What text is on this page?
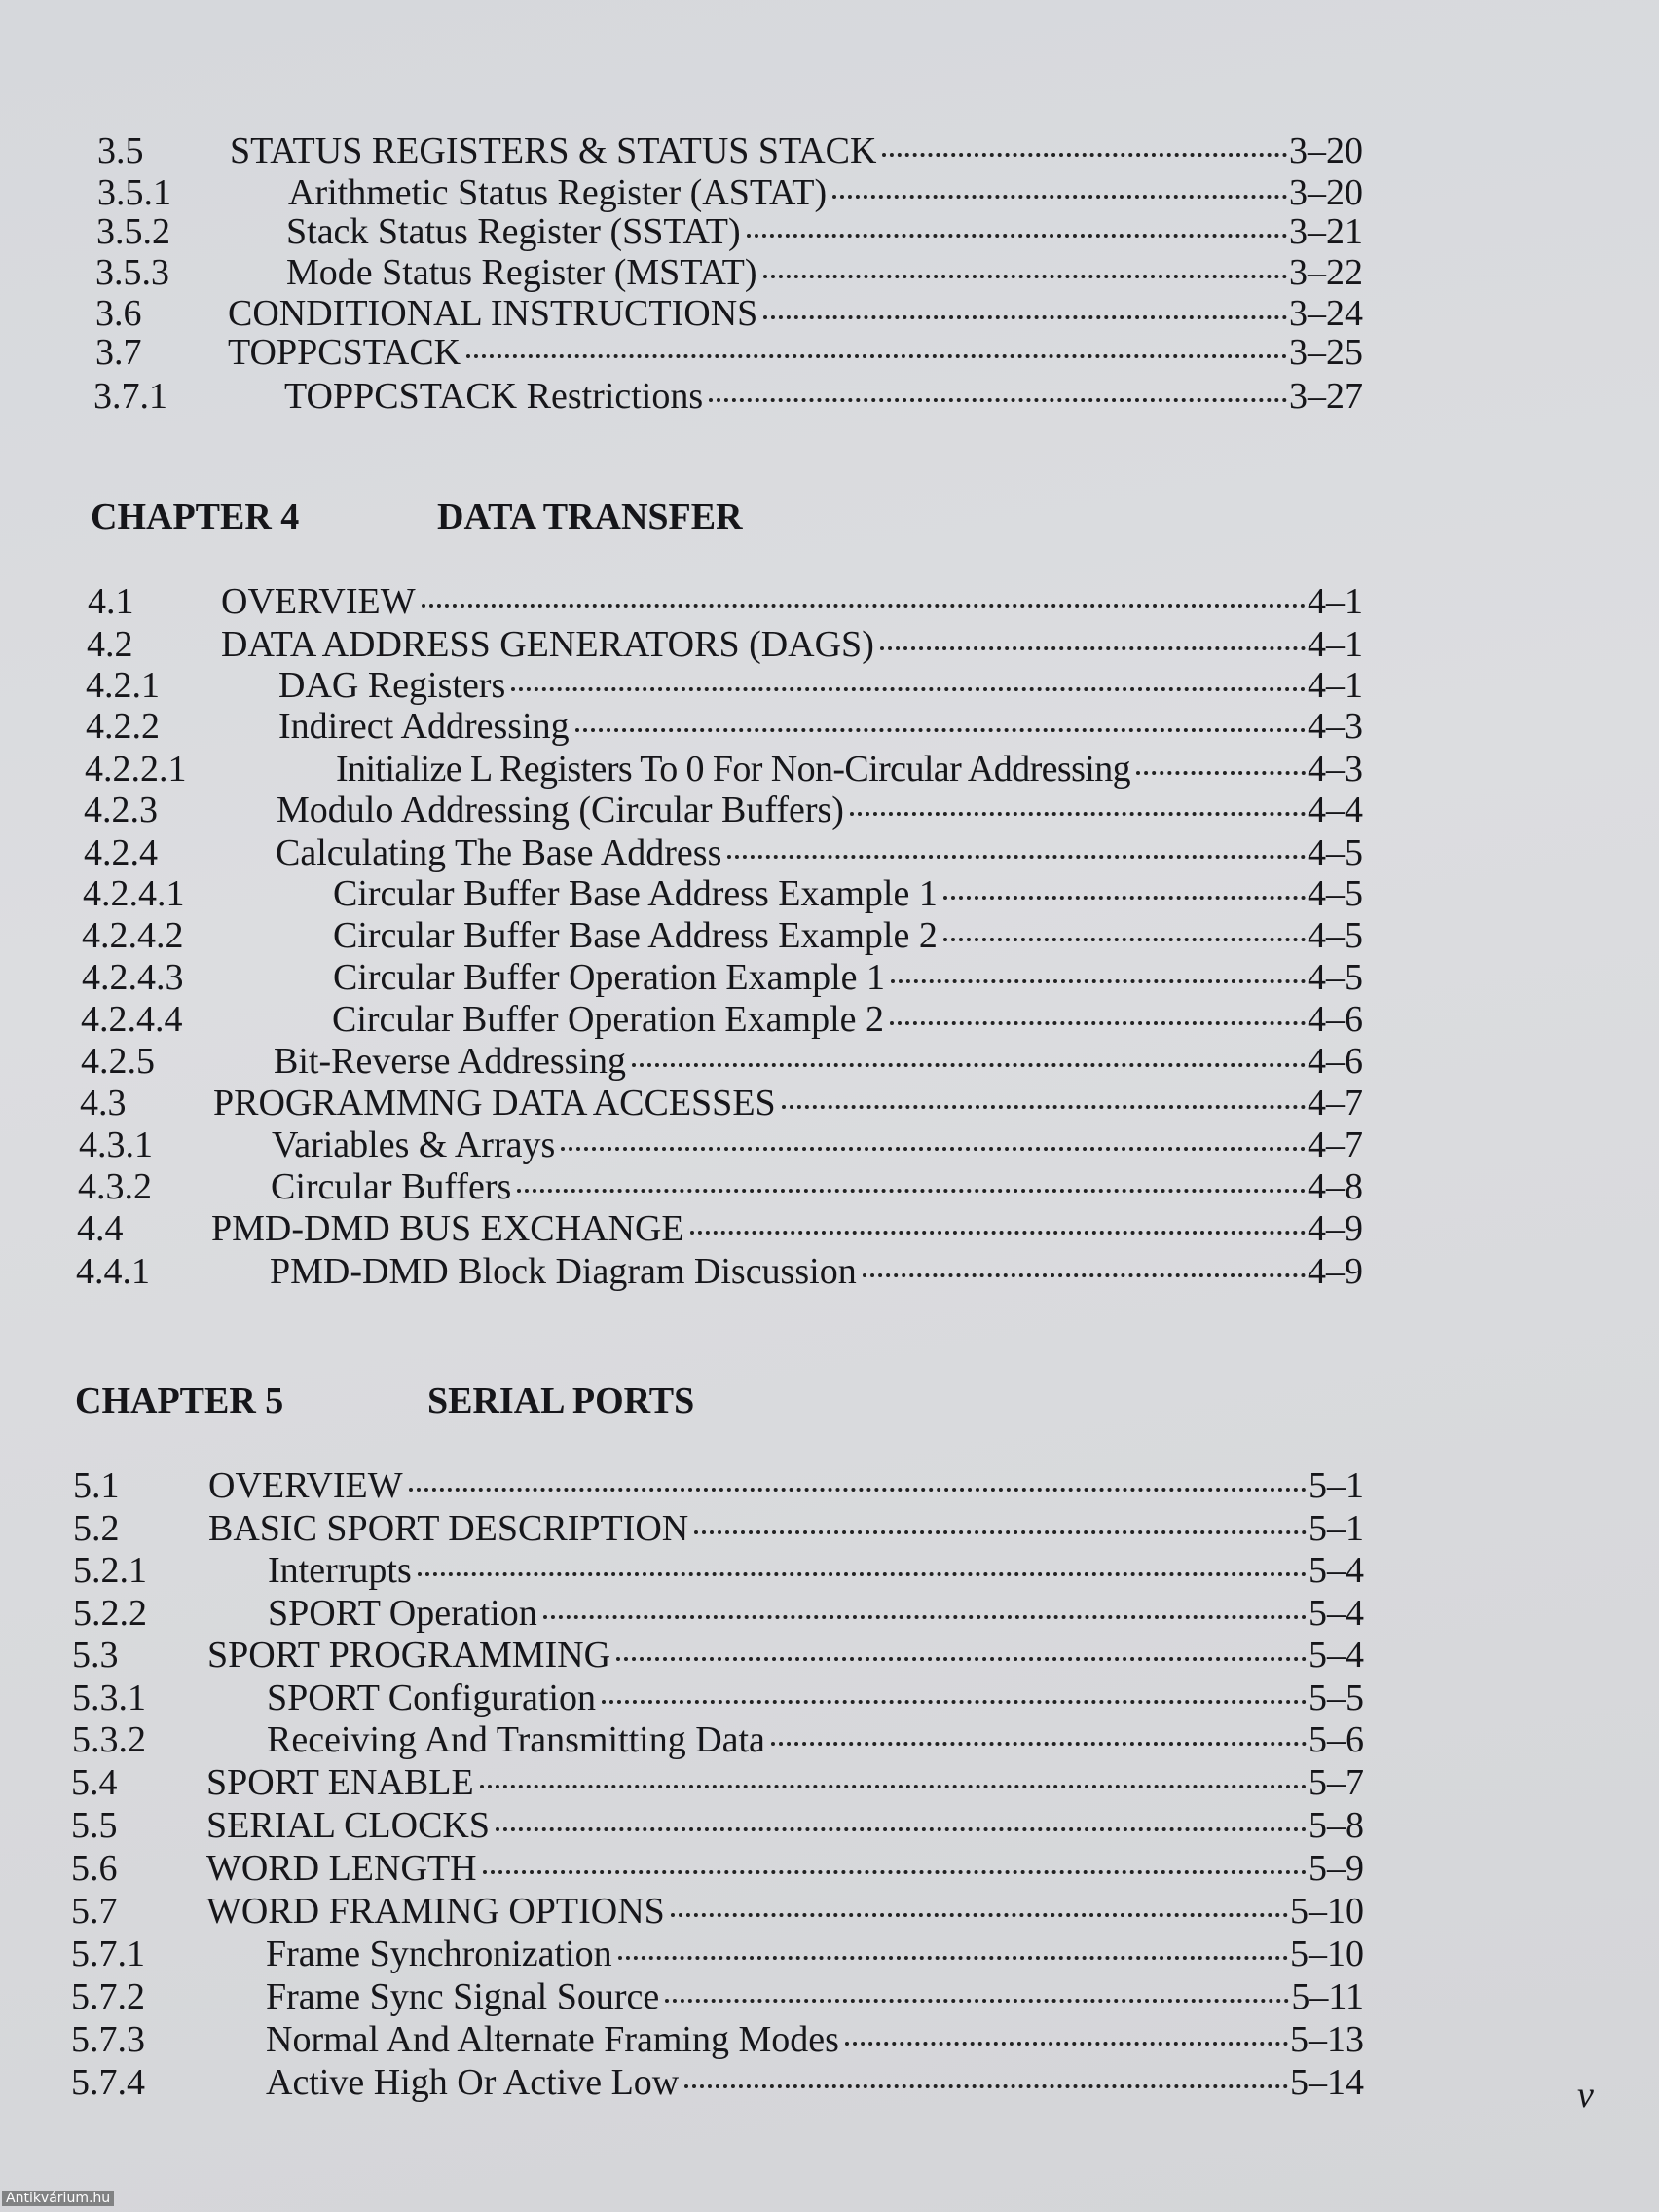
3.5	STATUS REGISTERS & STATUS STACK	3–20
3.5.1	Arithmetic Status Register (ASTAT)	3–20
3.5.2	Stack Status Register (SSTAT)	3–21
3.5.3	Mode Status Register (MSTAT)	3–22
3.6	CONDITIONAL INSTRUCTIONS	3–24
3.7	TOPPCSTACK	3–25
3.7.1	TOPPCSTACK Restrictions	3–27
CHAPTER 4	DATA TRANSFER
4.1	OVERVIEW	4–1
4.2	DATA ADDRESS GENERATORS (DAGS)	4–1
4.2.1	DAG Registers	4–1
4.2.2	Indirect Addressing	4–3
4.2.2.1	Initialize L Registers To 0 For Non-Circular Addressing	4–3
4.2.3	Modulo Addressing (Circular Buffers)	4–4
4.2.4	Calculating The Base Address	4–5
4.2.4.1	Circular Buffer Base Address Example 1	4–5
4.2.4.2	Circular Buffer Base Address Example 2	4–5
4.2.4.3	Circular Buffer Operation Example 1	4–5
4.2.4.4	Circular Buffer Operation Example 2	4–6
4.2.5	Bit-Reverse Addressing	4–6
4.3	PROGRAMMNG DATA ACCESSES	4–7
4.3.1	Variables & Arrays	4–7
4.3.2	Circular Buffers	4–8
4.4	PMD-DMD BUS EXCHANGE	4–9
4.4.1	PMD-DMD Block Diagram Discussion	4–9
CHAPTER 5	SERIAL PORTS
5.1	OVERVIEW	5–1
5.2	BASIC SPORT DESCRIPTION	5–1
5.2.1	Interrupts	5–4
5.2.2	SPORT Operation	5–4
5.3	SPORT PROGRAMMING	5–4
5.3.1	SPORT Configuration	5–5
5.3.2	Receiving And Transmitting Data	5–6
5.4	SPORT ENABLE	5–7
5.5	SERIAL CLOCKS	5–8
5.6	WORD LENGTH	5–9
5.7	WORD FRAMING OPTIONS	5–10
5.7.1	Frame Synchronization	5–10
5.7.2	Frame Sync Signal Source	5–11
5.7.3	Normal And Alternate Framing Modes	5–13
5.7.4	Active High Or Active Low	5–14	v
Antikvárium.hu
